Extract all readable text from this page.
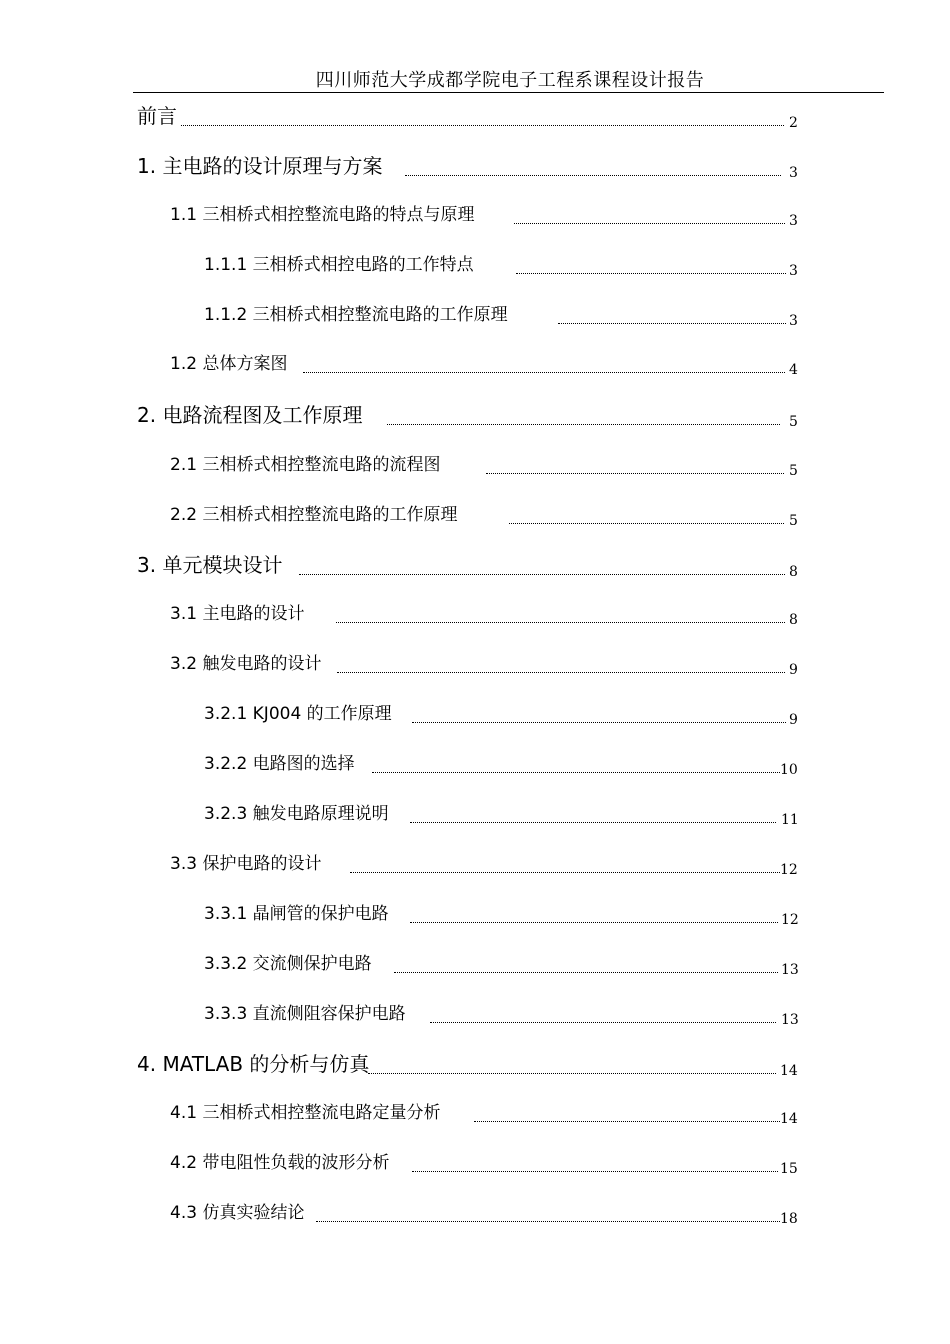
四川师范大学成都学院电子工程系课程设计报告
前言	2
1. 主电路的设计原理与方案	3
1.1 三相桥式相控整流电路的特点与原理	3
1.1.1 三相桥式相控电路的工作特点	3
1.1.2 三相桥式相控整流电路的工作原理	3
1.2 总体方案图	4
2. 电路流程图及工作原理	5
2.1 三相桥式相控整流电路的流程图	5
2.2 三相桥式相控整流电路的工作原理	5
3. 单元模块设计	8
3.1 主电路的设计	8
3.2 触发电路的设计	9
3.2.1 KJ004 的工作原理	9
3.2.2 电路图的选择	10
3.2.3 触发电路原理说明	11
3.3 保护电路的设计	12
3.3.1 晶闸管的保护电路	12
3.3.2 交流侧保护电路	13
3.3.3 直流侧阻容保护电路	13
4. MATLAB 的分析与仿真	14
4.1 三相桥式相控整流电路定量分析	14
4.2 带电阻性负载的波形分析	15
4.3 仿真实验结论	18
